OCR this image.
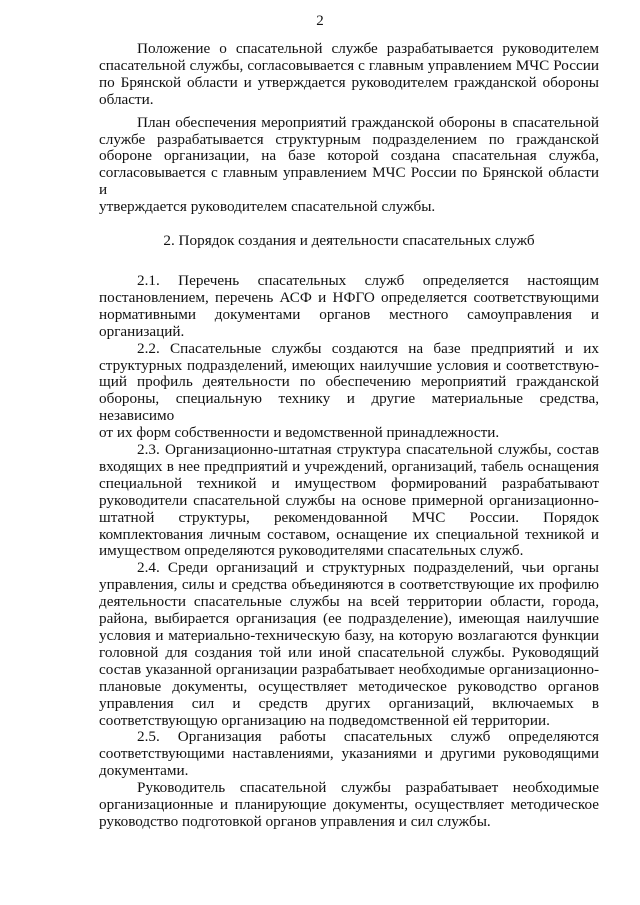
2
Положение о спасательной службе разрабатывается руководителем
спасательной службы, согласовывается с главным управлением МЧС России
по Брянской области и утверждается руководителем гражданской обороны
области.
План обеспечения мероприятий гражданской обороны в спасательной
службе разрабатывается структурным подразделением по гражданской
обороне организации, на базе которой создана спасательная служба,
согласовывается с главным управлением МЧС России по Брянской области и
утверждается руководителем спасательной службы.
2. Порядок создания и деятельности спасательных служб
2.1. Перечень спасательных служб определяется настоящим
постановлением, перечень АСФ и НФГО определяется соответствующими
нормативными документами органов местного самоуправления и
организаций.
2.2. Спасательные службы создаются на базе предприятий и их
структурных подразделений, имеющих наилучшие условия и соответствую-
щий профиль деятельности по обеспечению мероприятий гражданской
обороны, специальную технику и другие материальные средства, независимо
от их форм собственности и ведомственной принадлежности.
2.3. Организационно-штатная структура спасательной службы, состав
входящих в нее предприятий и учреждений, организаций, табель оснащения
специальной техникой и имуществом формирований разрабатывают
руководители спасательной службы на основе примерной организационно-
штатной структуры, рекомендованной МЧС России. Порядок
комплектования личным составом, оснащение их специальной техникой и
имуществом определяются руководителями спасательных служб.
2.4. Среди организаций и структурных подразделений, чьи органы
управления, силы и средства объединяются в соответствующие их профилю
деятельности спасательные службы на всей территории области, города,
района, выбирается организация (ее подразделение), имеющая наилучшие
условия и материально-техническую базу, на которую возлагаются функции
головной для создания той или иной спасательной службы. Руководящий
состав указанной организации разрабатывает необходимые организационно-
плановые документы, осуществляет методическое руководство органов
управления сил и средств других организаций, включаемых в
соответствующую организацию на подведомственной ей территории.
2.5. Организация работы спасательных служб определяются
соответствующими наставлениями, указаниями и другими руководящими
документами.
Руководитель спасательной службы разрабатывает необходимые
организационные и планирующие документы, осуществляет методическое
руководство подготовкой органов управления и сил службы.
